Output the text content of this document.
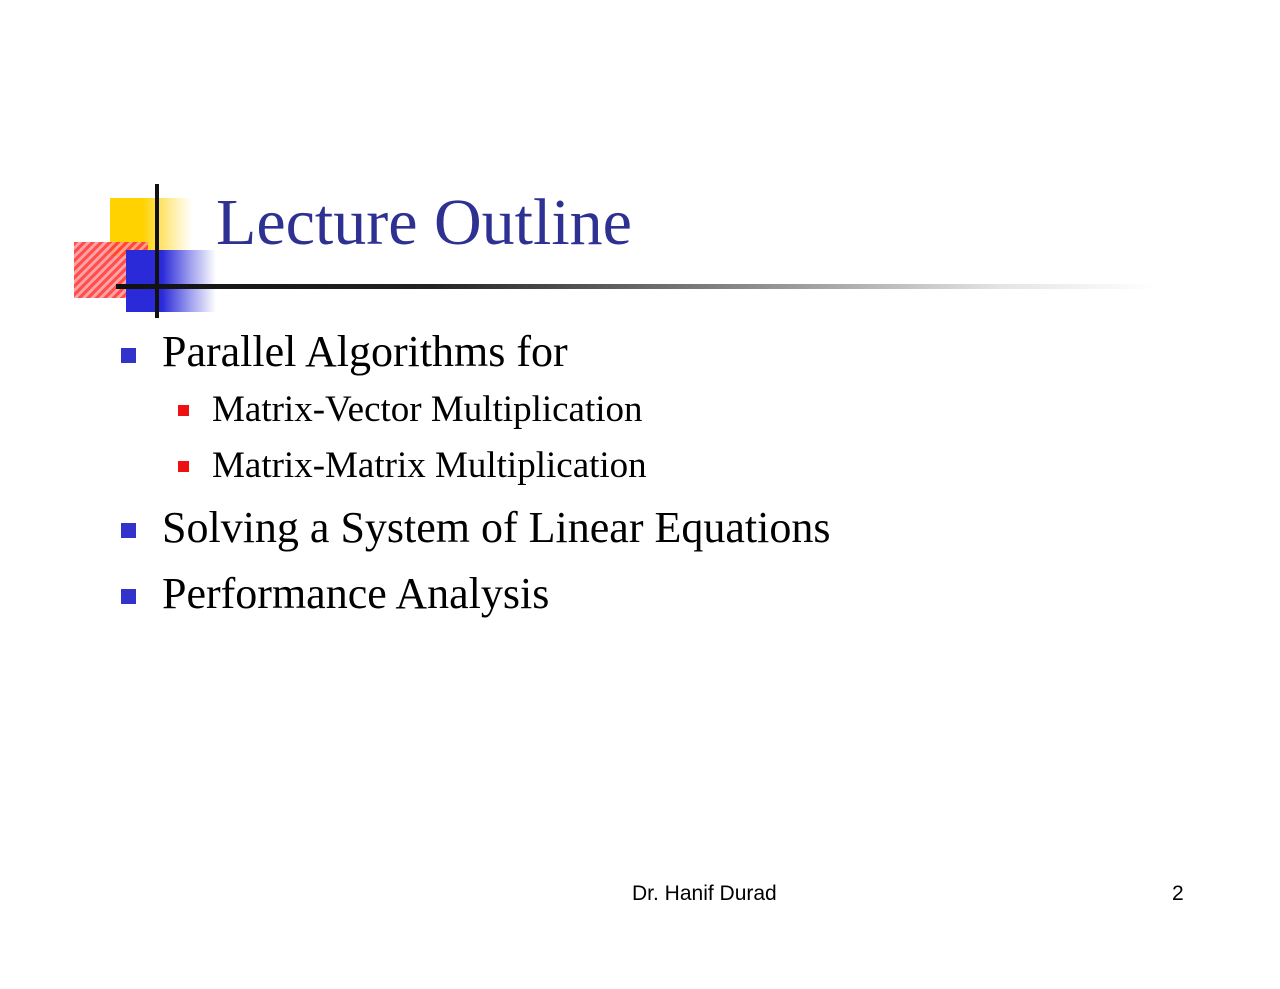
Lecture Outline
Parallel Algorithms for
Matrix-Vector Multiplication
Matrix-Matrix Multiplication
Solving a System of Linear Equations
Performance Analysis
Dr. Hanif Durad	2
